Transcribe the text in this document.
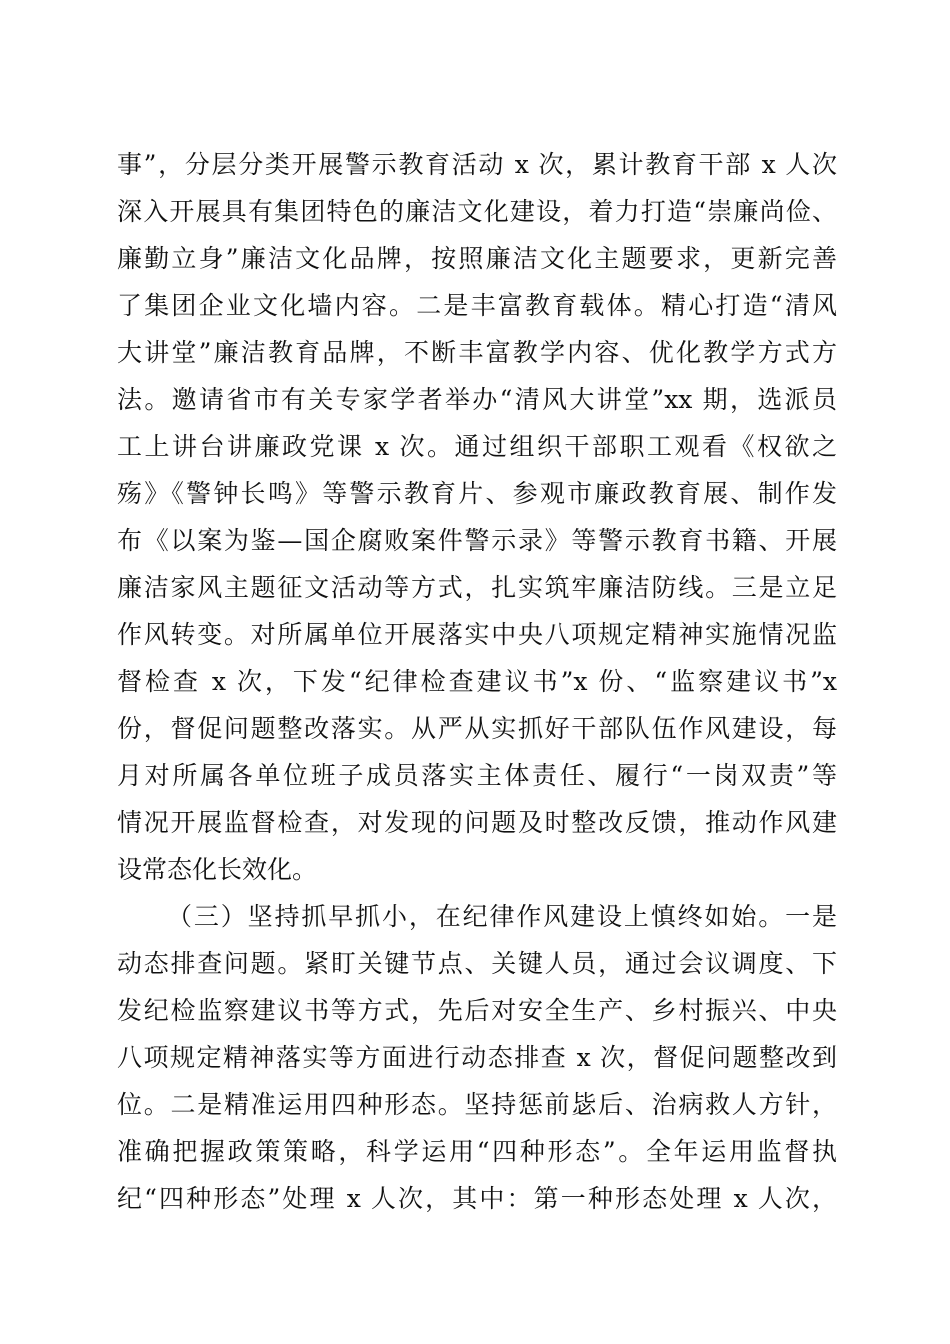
事”，分层分类开展警示教育活动 x 次，累计教育干部 x 人次
深入开展具有集团特色的廉洁文化建设，着力打造“崇廉尚俭、
廉勤立身”廉洁文化品牌，按照廉洁文化主题要求，更新完善
了集团企业文化墙内容。二是丰富教育载体。精心打造“清风
大讲堂”廉洁教育品牌，不断丰富教学内容、优化教学方式方
法。邀请省市有关专家学者举办“清风大讲堂”xx 期，选派员
工上讲台讲廉政党课 x 次。通过组织干部职工观看《权欲之
殇》《警钟长鸣》等警示教育片、参观市廉政教育展、制作发
布《以案为鉴—国企腐败案件警示录》等警示教育书籍、开展
廉洁家风主题征文活动等方式，扎实筑牢廉洁防线。三是立足
作风转变。对所属单位开展落实中央八项规定精神实施情况监
督检查 x 次，下发“纪律检查建议书”x 份、“监察建议书”x
份，督促问题整改落实。从严从实抓好干部队伍作风建设，每
月对所属各单位班子成员落实主体责任、履行“一岗双责”等
情况开展监督检查，对发现的问题及时整改反馈，推动作风建
设常态化长效化。
（三）坚持抓早抓小，在纪律作风建设上慎终如始。一是
动态排查问题。紧盯关键节点、关键人员，通过会议调度、下
发纪检监察建议书等方式，先后对安全生产、乡村振兴、中央
八项规定精神落实等方面进行动态排查 x 次，督促问题整改到
位。二是精准运用四种形态。坚持惩前毖后、治病救人方针，
准确把握政策策略，科学运用“四种形态”。全年运用监督执
纪“四种形态”处理 x 人次，其中：第一种形态处理 x 人次，
